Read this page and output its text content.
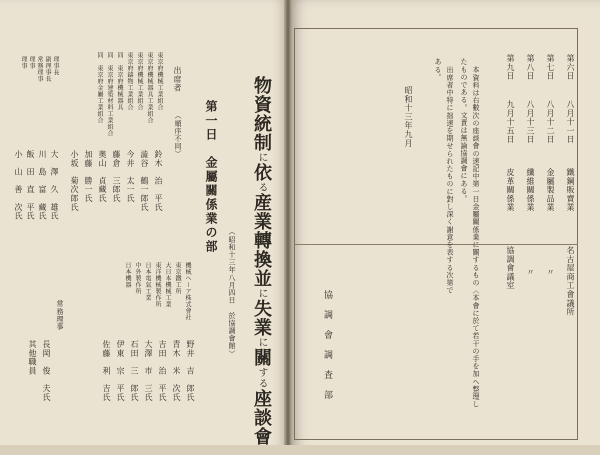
物資統制に依る産業轉換並に失業に關する座談會
（昭和十三年八月四日　於協調會館）
第一日　金屬關係業の部
出席者
（順序不同）
東京府機械工業組合
東京府機械器具工業組合
東京府機械工業組合
東京府鑄物工業組合
同　東京府機械器具
同　東京府建築材料工業組合
同　東京府金屬工業組合
鈴木　治　平氏
澁谷　鶴一郎氏
今井　太一氏
藤倉　三郎氏
奥山　貞藏氏
加藤　勝一氏
小坂　菊次郎氏
理事長
副理事長
常務理事
理事
理事
大　澤　久　雄氏
川　島　富　藏氏
飯　田　直　平氏
小　山　善　次氏
機械ヘーア株式會社
東京鐵工所
大日本機械工業
東洋機械製作所
日本電氣工業
中外製作所
日本機器
野井　吉　郎氏
青木　米　次氏
吉田　治　平氏
大澤　市　三氏
石田　三　郎氏
伊東　宗　平氏
佐藤　利　吉氏
常務理事
長岡　俊　夫氏
其他職員
第六日
八月十一日
鐵鋼販賣業
名古屋商工會議所
第七日
八月十二日
金屬製品業
〃
第八日
八月十三日
纖維關係業
〃
第九日
九月十五日
皮革關係業
協調會議室
本資料は右數次の座談會の速記中第一日金屬關係業に關するもの〈本會に於て若干の手を加へ整理し
たものである。文責は無論協調會にある。
出席者中特に拙速を期せられたものに對し深く謝意を表する次第で
ある。
昭和十三年九月
協　調　會　調　査　部
